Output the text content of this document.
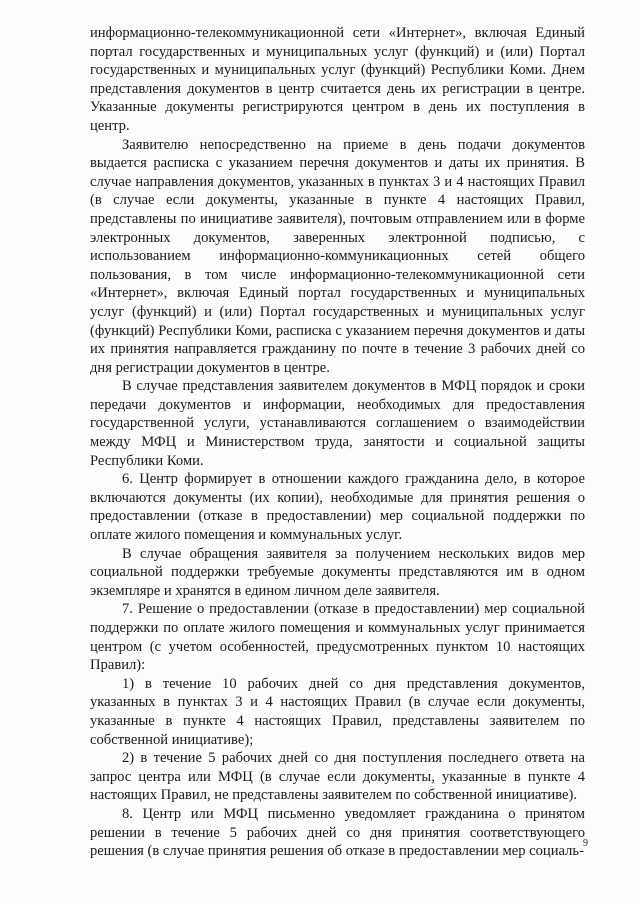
информационно-телекоммуникационной сети «Интернет», включая Единый портал государственных и муниципальных услуг (функций) и (или) Портал государственных и муниципальных услуг (функций) Республики Коми. Днем представления документов в центр считается день их регистрации в центре. Указанные документы регистрируются центром в день их поступления в центр.

Заявителю непосредственно на приеме в день подачи документов выдается расписка с указанием перечня документов и даты их принятия. В случае направления документов, указанных в пунктах 3 и 4 настоящих Правил (в случае если документы, указанные в пункте 4 настоящих Правил, представлены по инициативе заявителя), почтовым отправлением или в форме электронных документов, заверенных электронной подписью, с использованием информационно-коммуникационных сетей общего пользования, в том числе информационно-телекоммуникационной сети «Интернет», включая Единый портал государственных и муниципальных услуг (функций) и (или) Портал государственных и муниципальных услуг (функций) Республики Коми, расписка с указанием перечня документов и даты их принятия направляется гражданину по почте в течение 3 рабочих дней со дня регистрации документов в центре.

В случае представления заявителем документов в МФЦ порядок и сроки передачи документов и информации, необходимых для предоставления государственной услуги, устанавливаются соглашением о взаимодействии между МФЦ и Министерством труда, занятости и социальной защиты Республики Коми.

6. Центр формирует в отношении каждого гражданина дело, в которое включаются документы (их копии), необходимые для принятия решения о предоставлении (отказе в предоставлении) мер социальной поддержки по оплате жилого помещения и коммунальных услуг.

В случае обращения заявителя за получением нескольких видов мер социальной поддержки требуемые документы представляются им в одном экземпляре и хранятся в едином личном деле заявителя.

7. Решение о предоставлении (отказе в предоставлении) мер социальной поддержки по оплате жилого помещения и коммунальных услуг принимается центром (с учетом особенностей, предусмотренных пунктом 10 настоящих Правил):

1) в течение 10 рабочих дней со дня представления документов, указанных в пунктах 3 и 4 настоящих Правил (в случае если документы, указанные в пункте 4 настоящих Правил, представлены заявителем по собственной инициативе);

2) в течение 5 рабочих дней со дня поступления последнего ответа на запрос центра или МФЦ (в случае если документы, указанные в пункте 4 настоящих Правил, не представлены заявителем по собственной инициативе).

8. Центр или МФЦ письменно уведомляет гражданина о принятом решении в течение 5 рабочих дней со дня принятия соответствующего решения (в случае принятия решения об отказе в предоставлении мер социаль- 9
